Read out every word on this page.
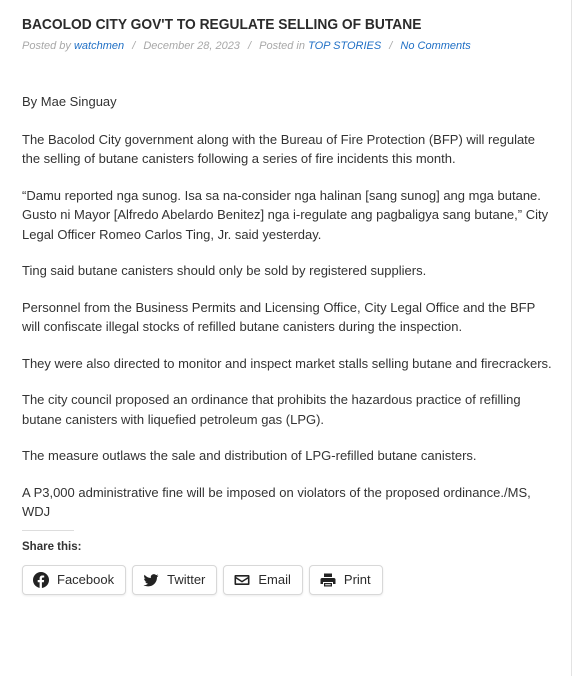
BACOLOD CITY GOV'T TO REGULATE SELLING OF BUTANE
Posted by watchmen / December 28, 2023 / Posted in TOP STORIES / No Comments

By Mae Singuay

The Bacolod City government along with the Bureau of Fire Protection (BFP) will regulate the selling of butane canisters following a series of fire incidents this month.

“Damu reported nga sunog. Isa sa na-consider nga halinan [sang sunog] ang mga butane. Gusto ni Mayor [Alfredo Abelardo Benitez] nga i-regulate ang pagbaligya sang butane,” City Legal Officer Romeo Carlos Ting, Jr. said yesterday.

Ting said butane canisters should only be sold by registered suppliers.

Personnel from the Business Permits and Licensing Office, City Legal Office and the BFP will confiscate illegal stocks of refilled butane canisters during the inspection.

They were also directed to monitor and inspect market stalls selling butane and firecrackers.

The city council proposed an ordinance that prohibits the hazardous practice of refilling butane canisters with liquefied petroleum gas (LPG).

The measure outlaws the sale and distribution of LPG-refilled butane canisters.

A P3,000 administrative fine will be imposed on violators of the proposed ordinance./MS, WDJ

Share this:
Facebook	Twitter	Email	Print
